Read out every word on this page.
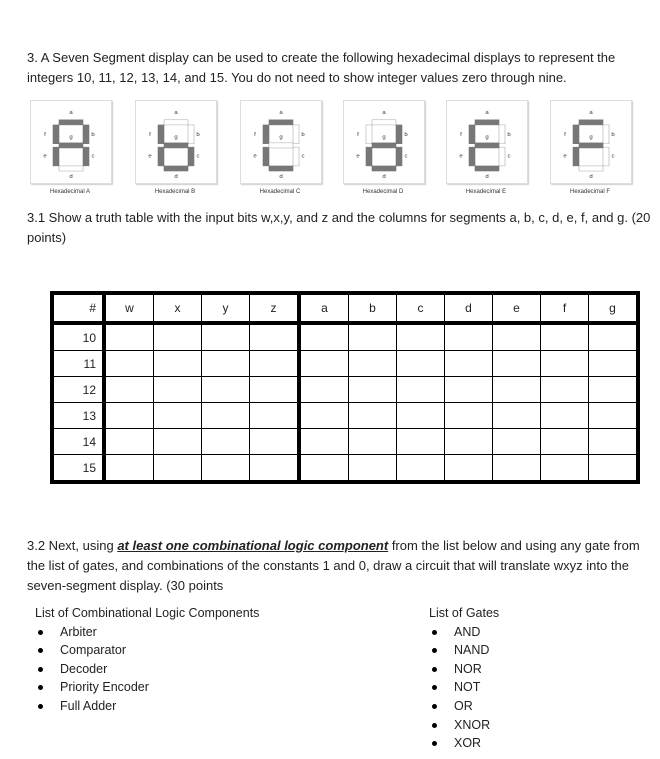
3. A Seven Segment display can be used to create the following hexadecimal displays to represent the integers 10, 11, 12, 13, 14, and 15. You do not need to show integer values zero through nine.

a
b
c
d
e
f	g
Hexadecimal A
a
b
c
d
e
f	g
Hexadecimal B
a
b
c
d
e
f	g
Hexadecimal C
a
b
c
d
e
f	g
Hexadecimal D
a
b
c
d
e
f	g
Hexadecimal E
a
b
c
d
e
f	g
Hexadecimal F

3.1 Show a truth table with the input bits w,x,y, and z and the columns for segments a, b, c, d, e, f, and g. (20 points)

#	w	x	y	z	a	b	c	d	e	f	g
10											
11											
12											
13											
14											
15											

3.2 Next, using at least one combinational logic component from the list below and using any gate from the list of gates, and combinations of the constants 1 and 0, draw a circuit that will translate wxyz into the seven-segment display. (30 points

List of Combinational Logic Components
Arbiter
Comparator
Decoder
Priority Encoder
Full Adder
List of Gates
AND
NAND
NOR
NOT
OR
XNOR
XOR
